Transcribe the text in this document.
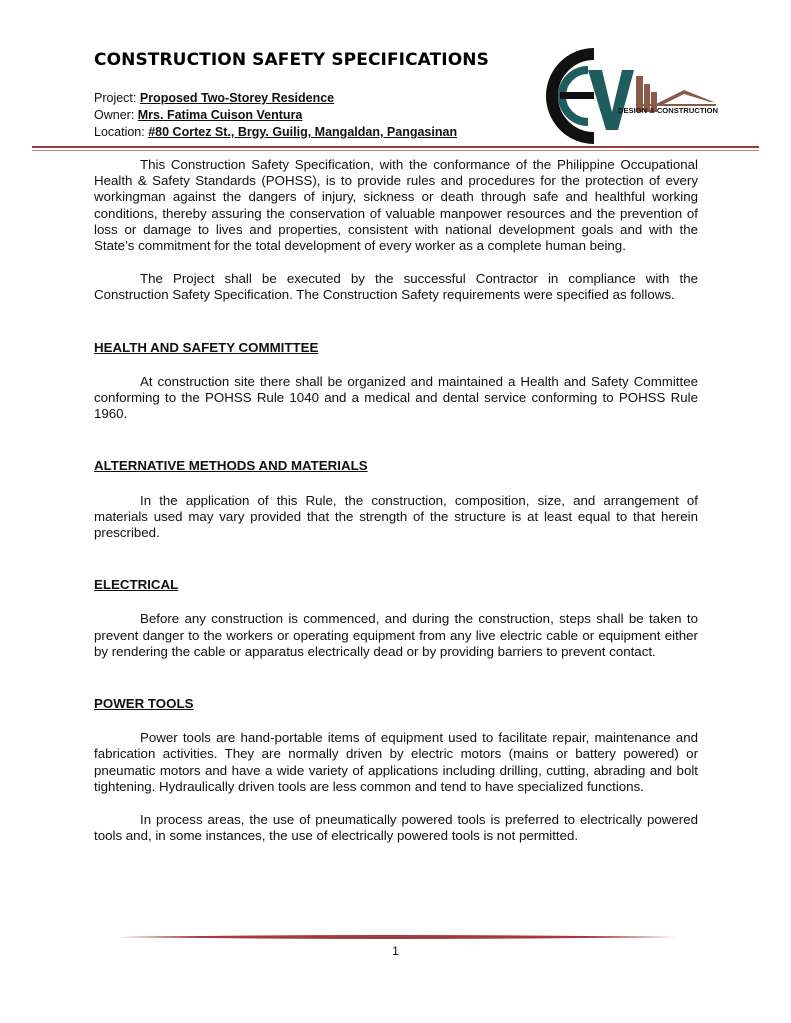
CONSTRUCTION SAFETY SPECIFICATIONS
Project: Proposed Two-Storey Residence
Owner: Mrs. Fatima Cuison Ventura
Location: #80 Cortez St., Brgy. Guilig, Mangaldan, Pangasinan
DESIGN & CONSTRUCTION

This Construction Safety Specification, with the conformance of the Philippine Occupational Health & Safety Standards (POHSS), is to provide rules and procedures for the protection of every workingman against the dangers of injury, sickness or death through safe and healthful working conditions, thereby assuring the conservation of valuable manpower resources and the prevention of loss or damage to lives and properties, consistent with national development goals and with the State’s commitment for the total development of every worker as a complete human being.

The Project shall be executed by the successful Contractor in compliance with the Construction Safety Specification. The Construction Safety requirements were specified as follows.

HEALTH AND SAFETY COMMITTEE

At construction site there shall be organized and maintained a Health and Safety Committee conforming to the POHSS Rule 1040 and a medical and dental service conforming to POHSS Rule 1960.

ALTERNATIVE METHODS AND MATERIALS

In the application of this Rule, the construction, composition, size, and arrangement of materials used may vary provided that the strength of the structure is at least equal to that herein prescribed.

ELECTRICAL

Before any construction is commenced, and during the construction, steps shall be taken to prevent danger to the workers or operating equipment from any live electric cable or equipment either by rendering the cable or apparatus electrically dead or by providing barriers to prevent contact.

POWER TOOLS

Power tools are hand-portable items of equipment used to facilitate repair, maintenance and fabrication activities. They are normally driven by electric motors (mains or battery powered) or pneumatic motors and have a wide variety of applications including drilling, cutting, abrading and bolt tightening. Hydraulically driven tools are less common and tend to have specialized functions.

In process areas, the use of pneumatically powered tools is preferred to electrically powered tools and, in some instances, the use of electrically powered tools is not permitted.

1
